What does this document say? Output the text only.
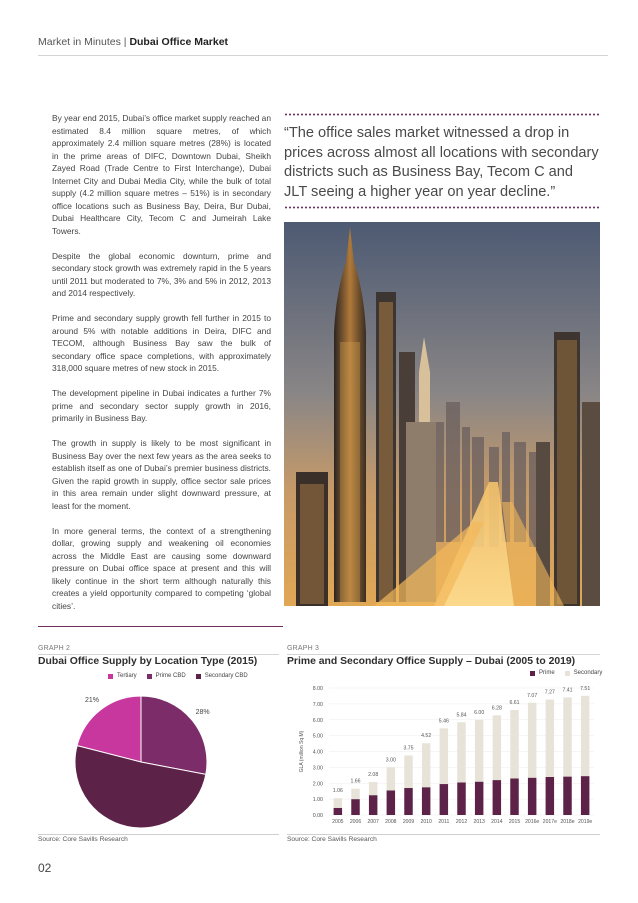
Market in Minutes | Dubai Office Market

By year end 2015, Dubai’s office market supply reached an estimated 8.4 million square metres, of which approximately 2.4 million square metres (28%) is located in the prime areas of DIFC, Downtown Dubai, Sheikh Zayed Road (Trade Centre to First Interchange), Dubai Internet City and Dubai Media City, while the bulk of total supply (4.2 million square metres – 51%) is in secondary office locations such as Business Bay, Deira, Bur Dubai, Dubai Healthcare City, Tecom C and Jumeirah Lake Towers.

Despite the global economic downturn, prime and secondary stock growth was extremely rapid in the 5 years until 2011 but moderated to 7%, 3% and 5% in 2012, 2013 and 2014 respectively.

Prime and secondary supply growth fell further in 2015 to around 5% with notable additions in Deira, DIFC and TECOM, although Business Bay saw the bulk of secondary office space completions, with approximately 318,000 square metres of new stock in 2015.

The development pipeline in Dubai indicates a further 7% prime and secondary sector supply growth in 2016, primarily in Business Bay.

The growth in supply is likely to be most significant in Business Bay over the next few years as the area seeks to establish itself as one of Dubai’s premier business districts. Given the rapid growth in supply, office sector sale prices in this area remain under slight downward pressure, at least for the moment.

In more general terms, the context of a strengthening dollar, growing supply and weakening oil economies across the Middle East are causing some downward pressure on Dubai office space at present and this will likely continue in the short term although naturally this creates a yield opportunity compared to competing ‘global cities’.

“The office sales market witnessed a drop in prices across almost all locations with secondary districts such as Business Bay, Tecom C and JLT seeing a higher year on year decline.”
GRAPH 2
Dubai Office Supply by Location Type (2015)
Tertiary	Prime CBD	Secondary CBD
21%
28%
Source: Core Savills Research
GRAPH 3
Prime and Secondary Office Supply – Dubai (2005 to 2019)
Prime	Secondary
GLA (million Sq M)
0.00
1.00
2.00
3.00
4.00
5.00
6.00
7.00
8.00
1.06
2005
1.66
2006
2.08
2007
3.00
2008
3.75
2009
4.52
2010
5.46
2011
5.84
2012
6.00
2013
6.28
2014
6.61
2015
7.07
2016e
7.27
2017e
7.41
2018e
7.51
2019e
Source: Core Savills Research
02
